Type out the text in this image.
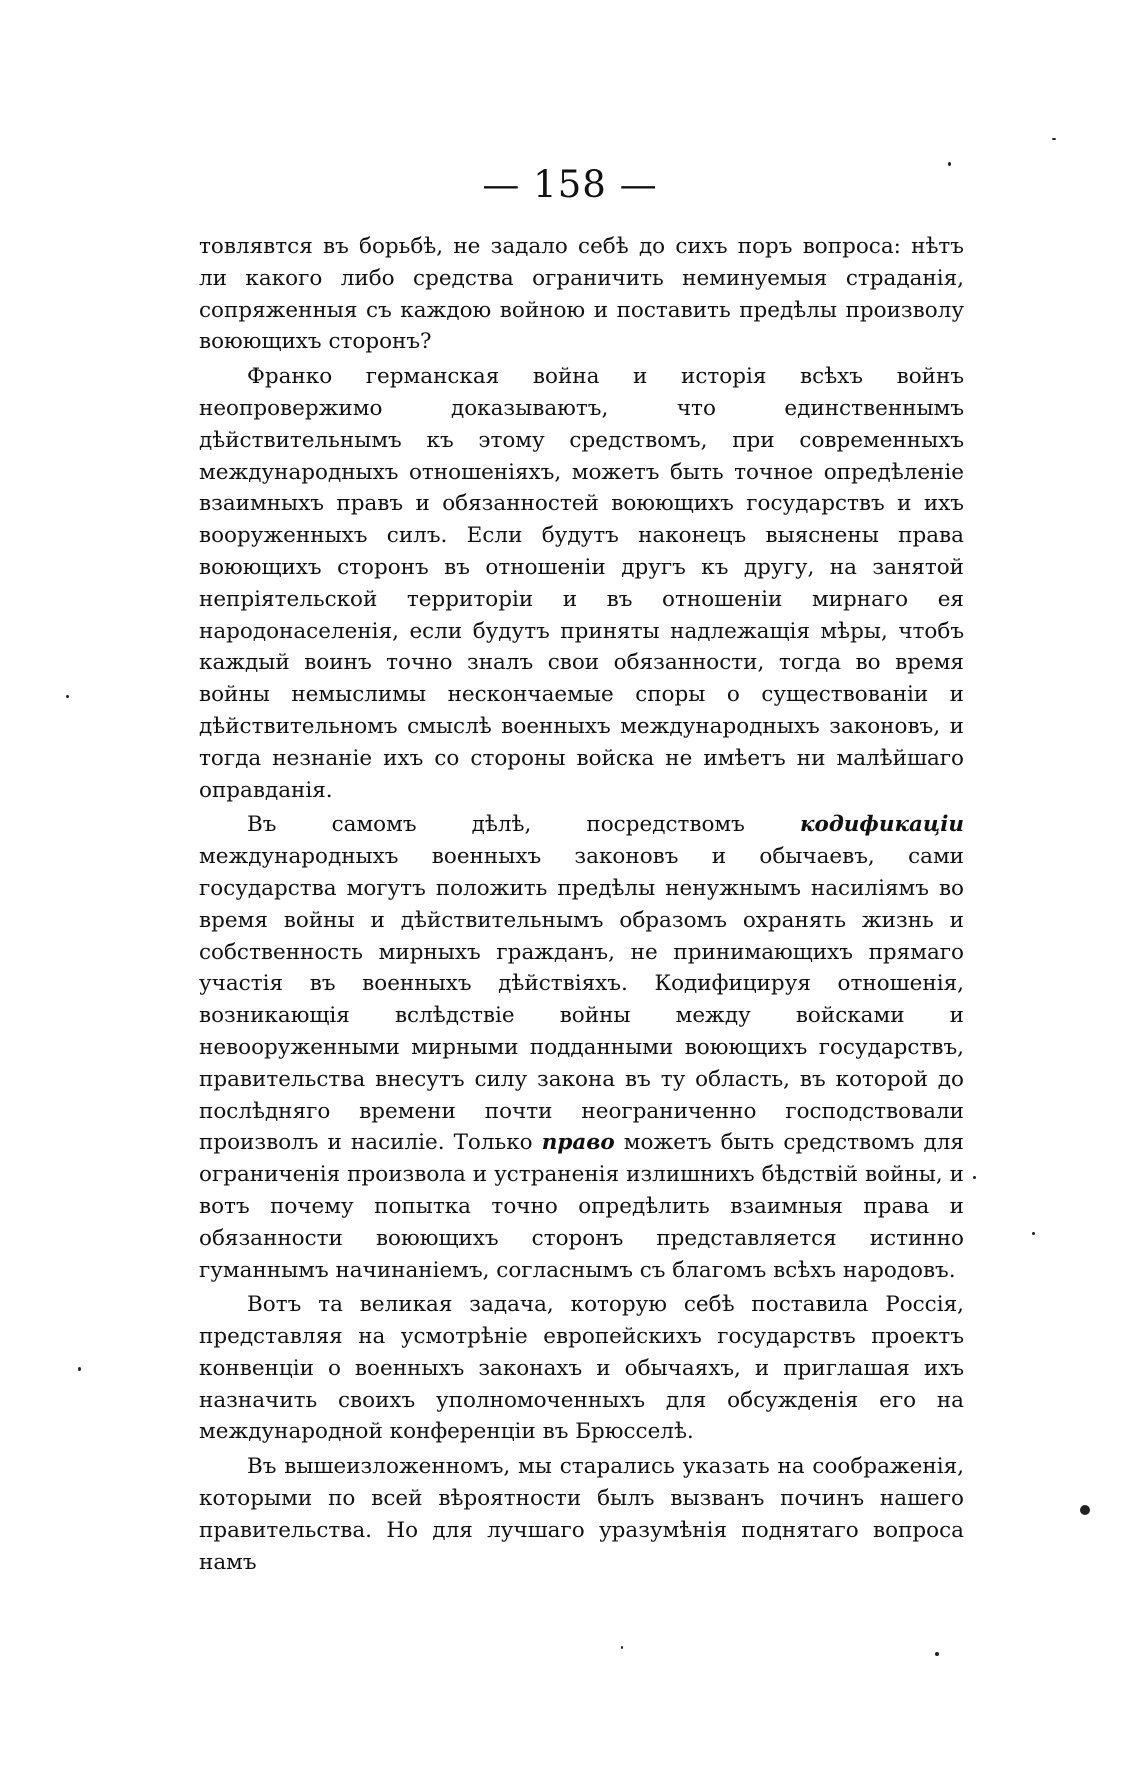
— 158 —

товлявтся въ борьбѣ, не задало себѣ до сихъ поръ вопроса: нѣтъ ли какого либо средства ограничить неминуемыя страданія, сопряженныя съ каждою войною и поставить предѣлы произволу воюющихъ сторонъ?

Франко германская война и исторія всѣхъ войнъ неопровержимо доказываютъ, что единственнымъ дѣйствительнымъ къ этому средствомъ, при современныхъ международныхъ отношеніяхъ, можетъ быть точное опредѣленіе взаимныхъ правъ и обязанностей воюющихъ государствъ и ихъ вооруженныхъ силъ. Если будутъ наконецъ выяснены права воюющихъ сторонъ въ отношеніи другъ къ другу, на занятой непріятельской территоріи и въ отношеніи мирнаго ея народонаселенія, если будутъ приняты надлежащія мѣры, чтобъ каждый воинъ точно зналъ свои обязанности, тогда во время войны немыслимы нескончаемые споры о существованіи и дѣйствительномъ смыслѣ военныхъ международныхъ законовъ, и тогда незнаніе ихъ со стороны войска не имѣетъ ни малѣйшаго оправданія.

Въ самомъ дѣлѣ, посредствомъ кодификаціи международныхъ военныхъ законовъ и обычаевъ, сами государства могутъ положить предѣлы ненужнымъ насиліямъ во время войны и дѣйствительнымъ образомъ охранять жизнь и собственность мирныхъ гражданъ, не принимающихъ прямаго участія въ военныхъ дѣйствіяхъ. Кодифицируя отношенія, возникающія вслѣдствіе войны между войсками и невооруженными мирными подданными воюющихъ государствъ, правительства внесутъ силу закона въ ту область, въ которой до послѣдняго времени почти неограниченно господствовали произволъ и насиліе. Только право можетъ быть средствомъ для ограниченія произвола и устраненія излишнихъ бѣдствій войны, и вотъ почему попытка точно опредѣлить взаимныя права и обязанности воюющихъ сторонъ представляется истинно гуманнымъ начинаніемъ, согласнымъ съ благомъ всѣхъ народовъ.

Вотъ та великая задача, которую себѣ поставила Россія, представляя на усмотрѣніе европейскихъ государствъ проектъ конвенціи о военныхъ законахъ и обычаяхъ, и приглашая ихъ назначить своихъ уполномоченныхъ для обсужденія его на международной конференціи въ Брюсселѣ.

Въ вышеизложенномъ, мы старались указать на соображенія, которыми по всей вѣроятности былъ вызванъ починъ нашего правительства. Но для лучшаго уразумѣнія поднятаго вопроса намъ
